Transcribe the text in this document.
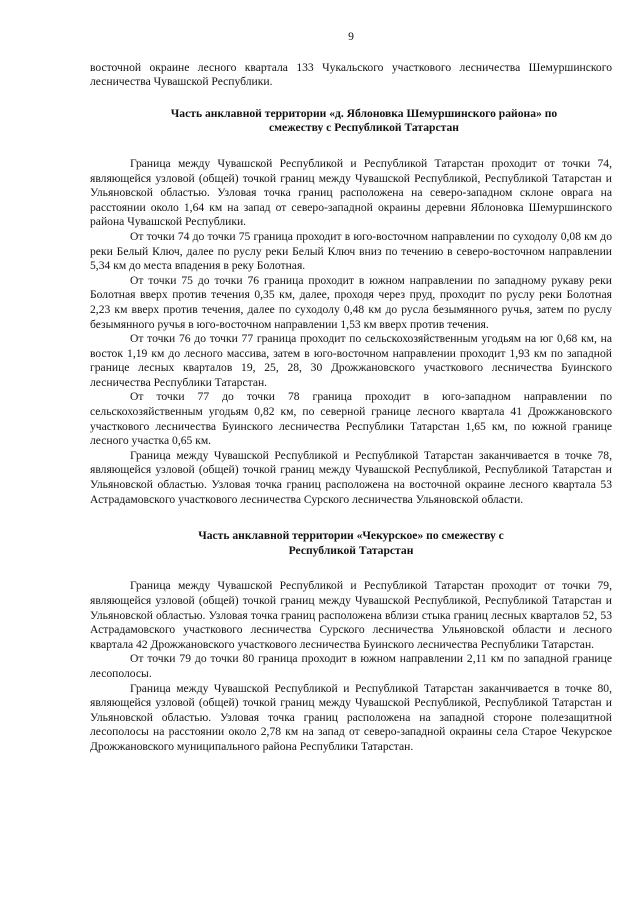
9

восточной окраине лесного квартала 133 Чукальского участкового лесничества Шемуршинского лесничества Чувашской Республики.

Часть анклавной территории «д. Яблоновка Шемуршинского района» по смежеству с Республикой Татарстан

Граница между Чувашской Республикой и Республикой Татарстан проходит от точки 74, являющейся узловой (общей) точкой границ между Чувашской Республикой, Республикой Татарстан и Ульяновской областью. Узловая точка границ расположена на северо-западном склоне оврага на расстоянии около 1,64 км на запад от северо-западной окраины деревни Яблоновка Шемуршинского района Чувашской Республики.

От точки 74 до точки 75 граница проходит в юго-восточном направлении по суходолу 0,08 км до реки Белый Ключ, далее по руслу реки Белый Ключ вниз по течению в северо-восточном направлении 5,34 км до места впадения в реку Болотная.

От точки 75 до точки 76 граница проходит в южном направлении по западному рукаву реки Болотная вверх против течения 0,35 км, далее, проходя через пруд, проходит по руслу реки Болотная 2,23 км вверх против течения, далее по суходолу 0,48 км до русла безымянного ручья, затем по руслу безымянного ручья в юго-восточном направлении 1,53 км вверх против течения.

От точки 76 до точки 77 граница проходит по сельскохозяйственным угодьям на юг 0,68 км, на восток 1,19 км до лесного массива, затем в юго-восточном направлении проходит 1,93 км по западной границе лесных кварталов 19, 25, 28, 30 Дрожжановского участкового лесничества Буинского лесничества Республики Татарстан.

От точки 77 до точки 78 граница проходит в юго-западном направлении по сельскохозяйственным угодьям 0,82 км, по северной границе лесного квартала 41 Дрожжановского участкового лесничества Буинского лесничества Республики Татарстан 1,65 км, по южной границе лесного участка 0,65 км.

Граница между Чувашской Республикой и Республикой Татарстан заканчивается в точке 78, являющейся узловой (общей) точкой границ между Чувашской Республикой, Республикой Татарстан и Ульяновской областью. Узловая точка границ расположена на восточной окраине лесного квартала 53 Астрадамовского участкового лесничества Сурского лесничества Ульяновской области.

Часть анклавной территории «Чекурское» по смежеству с Республикой Татарстан

Граница между Чувашской Республикой и Республикой Татарстан проходит от точки 79, являющейся узловой (общей) точкой границ между Чувашской Республикой, Республикой Татарстан и Ульяновской областью. Узловая точка границ расположена вблизи стыка границ лесных кварталов 52, 53 Астрадамовского участкового лесничества Сурского лесничества Ульяновской области и лесного квартала 42 Дрожжановского участкового лесничества Буинского лесничества Республики Татарстан.

От точки 79 до точки 80 граница проходит в южном направлении 2,11 км по западной границе лесополосы.

Граница между Чувашской Республикой и Республикой Татарстан заканчивается в точке 80, являющейся узловой (общей) точкой границ между Чувашской Республикой, Республикой Татарстан и Ульяновской областью. Узловая точка границ расположена на западной стороне полезащитной лесополосы на расстоянии около 2,78 км на запад от северо-западной окраины села Старое Чекурское Дрожжановского муниципального района Республики Татарстан.
